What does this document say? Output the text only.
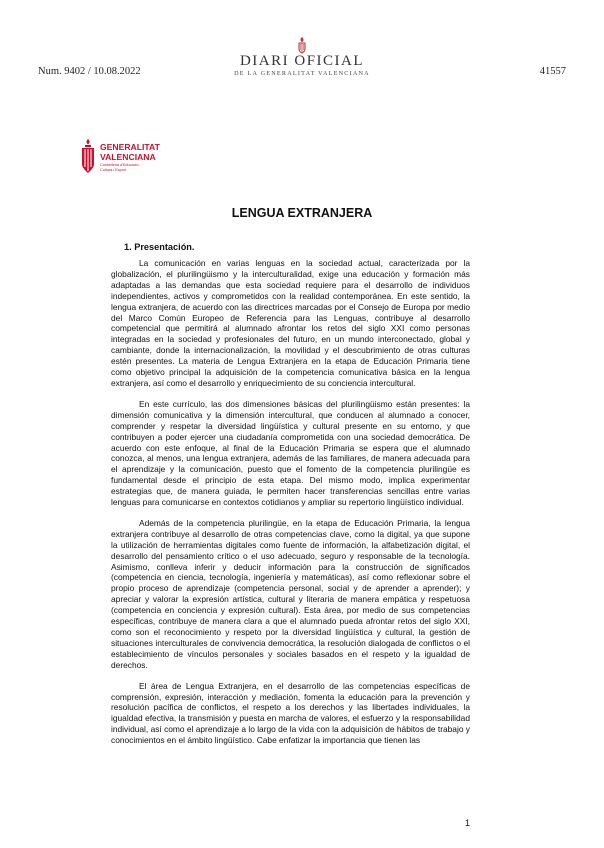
Num. 9402 / 10.08.2022
DIARI OFICIAL
DE LA GENERALITAT VALENCIANA	41557
GENERALITAT
VALENCIANA
Conselleria d'Educació,
Cultura i Esport
LENGUA EXTRANJERA
1. Presentación.

La comunicación en varias lenguas en la sociedad actual, caracterizada por la globalización, el plurilingüismo y la interculturalidad, exige una educación y formación más adaptadas a las demandas que esta sociedad requiere para el desarrollo de individuos independientes, activos y comprometidos con la realidad contemporánea. En este sentido, la lengua extranjera, de acuerdo con las directrices marcadas por el Consejo de Europa por medio del Marco Común Europeo de Referencia para las Lenguas, contribuye al desarrollo competencial que permitirá al alumnado afrontar los retos del siglo XXI como personas integradas en la sociedad y profesionales del futuro, en un mundo interconectado, global y cambiante, donde la internacionalización, la movilidad y el descubrimiento de otras culturas estén presentes. La materia de Lengua Extranjera en la etapa de Educación Primaria tiene como objetivo principal la adquisición de la competencia comunicativa básica en la lengua extranjera, así como el desarrollo y enriquecimiento de su conciencia intercultural.

En este currículo, las dos dimensiones básicas del plurilingüismo están presentes: la dimensión comunicativa y la dimensión intercultural, que conducen al alumnado a conocer, comprender y respetar la diversidad lingüística y cultural presente en su entorno, y que contribuyen a poder ejercer una ciudadanía comprometida con una sociedad democrática. De acuerdo con este enfoque, al final de la Educación Primaria se espera que el alumnado conozca, al menos, una lengua extranjera, además de las familiares, de manera adecuada para el aprendizaje y la comunicación, puesto que el fomento de la competencia plurilingüe es fundamental desde el principio de esta etapa. Del mismo modo, implica experimentar estrategias que, de manera guiada, le permiten hacer transferencias sencillas entre varias lenguas para comunicarse en contextos cotidianos y ampliar su repertorio lingüístico individual.

Además de la competencia plurilingüe, en la etapa de Educación Primaria, la lengua extranjera contribuye al desarrollo de otras competencias clave, como la digital, ya que supone la utilización de herramientas digitales como fuente de información, la alfabetización digital, el desarrollo del pensamiento crítico o el uso adecuado, seguro y responsable de la tecnología. Asimismo, conlleva inferir y deducir información para la construcción de significados (competencia en ciencia, tecnología, ingeniería y matemáticas), así como reflexionar sobre el propio proceso de aprendizaje (competencia personal, social y de aprender a aprender); y apreciar y valorar la expresión artística, cultural y literaria de manera empática y respetuosa (competencia en conciencia y expresión cultural). Esta área, por medio de sus competencias específicas, contribuye de manera clara a que el alumnado pueda afrontar retos del siglo XXI, como son el reconocimiento y respeto por la diversidad lingüística y cultural, la gestión de situaciones interculturales de convivencia democrática, la resolución dialogada de conflictos o el establecimiento de vínculos personales y sociales basados en el respeto y la igualdad de derechos.

El área de Lengua Extranjera, en el desarrollo de las competencias específicas de comprensión, expresión, interacción y mediación, fomenta la educación para la prevención y resolución pacífica de conflictos, el respeto a los derechos y las libertades individuales, la igualdad efectiva, la transmisión y puesta en marcha de valores, el esfuerzo y la responsabilidad individual, así como el aprendizaje a lo largo de la vida con la adquisición de hábitos de trabajo y conocimientos en el ámbito lingüístico. Cabe enfatizar la importancia que tienen las

1
